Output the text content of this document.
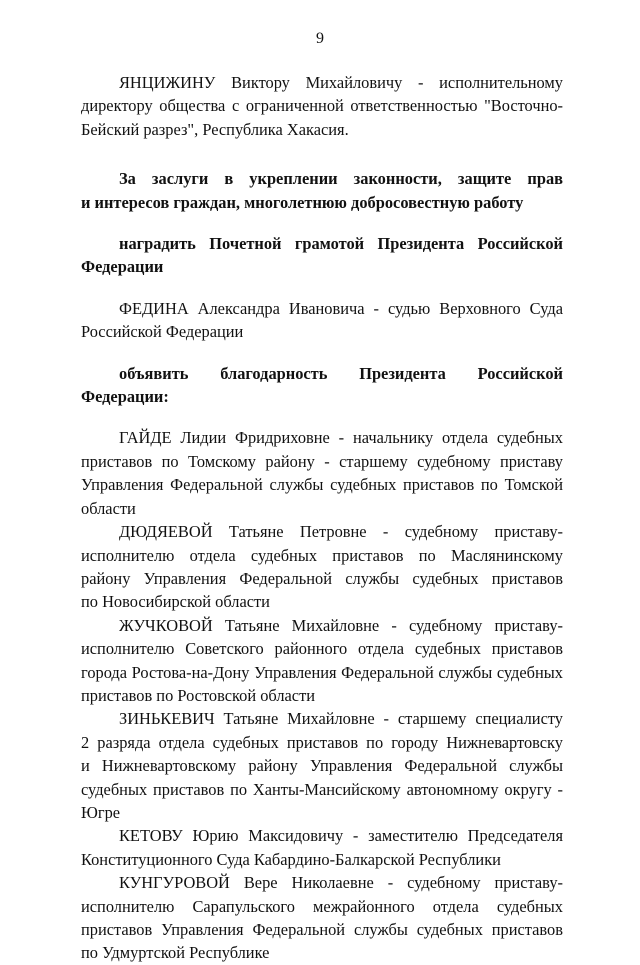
9

ЯНЦИЖИНУ Виктору Михайловичу - исполнительному
директору общества с ограниченной ответственностью "Восточно-
Бейский разрез", Республика Хакасия.

За заслуги в укреплении законности, защите прав
и интересов граждан, многолетнюю добросовестную работу

наградить Почетной грамотой Президента Российской
Федерации

ФЕДИНА Александра Ивановича - судью Верховного Суда
Российской Федерации

объявить благодарность Президента Российской Федерации:

ГАЙДЕ Лидии Фридриховне - начальнику отдела судебных
приставов по Томскому району - старшему судебному приставу
Управления Федеральной службы судебных приставов по Томской
области

ДЮДЯЕВОЙ Татьяне Петровне - судебному приставу-
исполнителю отдела судебных приставов по Маслянинскому
району Управления Федеральной службы судебных приставов
по Новосибирской области

ЖУЧКОВОЙ Татьяне Михайловне - судебному приставу-
исполнителю Советского районного отдела судебных приставов
города Ростова-на-Дону Управления Федеральной службы судебных
приставов по Ростовской области

ЗИНЬКЕВИЧ Татьяне Михайловне - старшему специалисту
2 разряда отдела судебных приставов по городу Нижневартовску
и Нижневартовскому району Управления Федеральной службы
судебных приставов по Ханты-Мансийскому автономному округу -
Югре

КЕТОВУ Юрию Максидовичу - заместителю Председателя
Конституционного Суда Кабардино-Балкарской Республики

КУНГУРОВОЙ Вере Николаевне - судебному приставу-
исполнителю Сарапульского межрайонного отдела судебных
приставов Управления Федеральной службы судебных приставов
по Удмуртской Республике
